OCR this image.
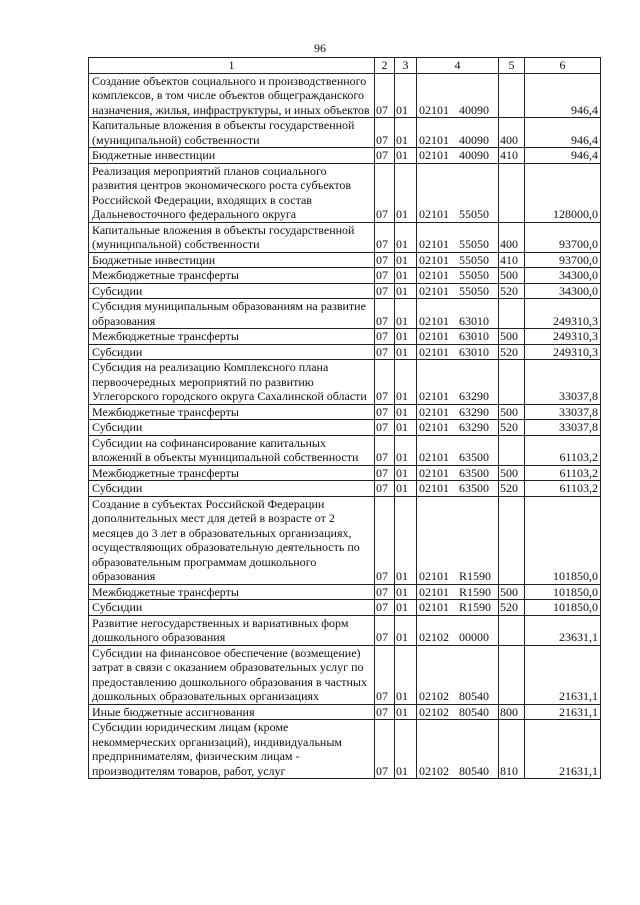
96
1	2	3	4	5	6
Создание объектов социального и производственного комплексов, в том числе объектов общегражданского назначения, жилья, инфраструктуры, и иных объектов	07	01	02101 40090		946,4
Капитальные вложения в объекты государственной (муниципальной) собственности	07	01	02101 40090	400	946,4
Бюджетные инвестиции	07	01	02101 40090	410	946,4
Реализация мероприятий планов социального развития центров экономического роста субъектов Российской Федерации, входящих в состав Дальневосточного федерального округа	07	01	02101 55050		128000,0
Капитальные вложения в объекты государственной (муниципальной) собственности	07	01	02101 55050	400	93700,0
Бюджетные инвестиции	07	01	02101 55050	410	93700,0
Межбюджетные трансферты	07	01	02101 55050	500	34300,0
Субсидии	07	01	02101 55050	520	34300,0
Субсидия муниципальным образованиям на развитие образования	07	01	02101 63010		249310,3
Межбюджетные трансферты	07	01	02101 63010	500	249310,3
Субсидии	07	01	02101 63010	520	249310,3
Субсидия на реализацию Комплексного плана первоочередных мероприятий по развитию Углегорского городского округа Сахалинской области	07	01	02101 63290		33037,8
Межбюджетные трансферты	07	01	02101 63290	500	33037,8
Субсидии	07	01	02101 63290	520	33037,8
Субсидии на софинансирование капитальных вложений в объекты муниципальной собственности	07	01	02101 63500		61103,2
Межбюджетные трансферты	07	01	02101 63500	500	61103,2
Субсидии	07	01	02101 63500	520	61103,2
Создание в субъектах Российской Федерации дополнительных мест для детей в возрасте от 2 месяцев до 3 лет в образовательных организациях, осуществляющих образовательную деятельность по образовательным программам дошкольного образования	07	01	02101 R1590		101850,0
Межбюджетные трансферты	07	01	02101 R1590	500	101850,0
Субсидии	07	01	02101 R1590	520	101850,0
Развитие негосударственных и вариативных форм дошкольного образования	07	01	02102 00000		23631,1
Субсидии на финансовое обеспечение (возмещение) затрат в связи с оказанием образовательных услуг по предоставлению дошкольного образования в частных дошкольных образовательных организациях	07	01	02102 80540		21631,1
Иные бюджетные ассигнования	07	01	02102 80540	800	21631,1
Субсидии юридическим лицам (кроме некоммерческих организаций), индивидуальным предпринимателям, физическим лицам - производителям товаров, работ, услуг	07	01	02102 80540	810	21631,1
